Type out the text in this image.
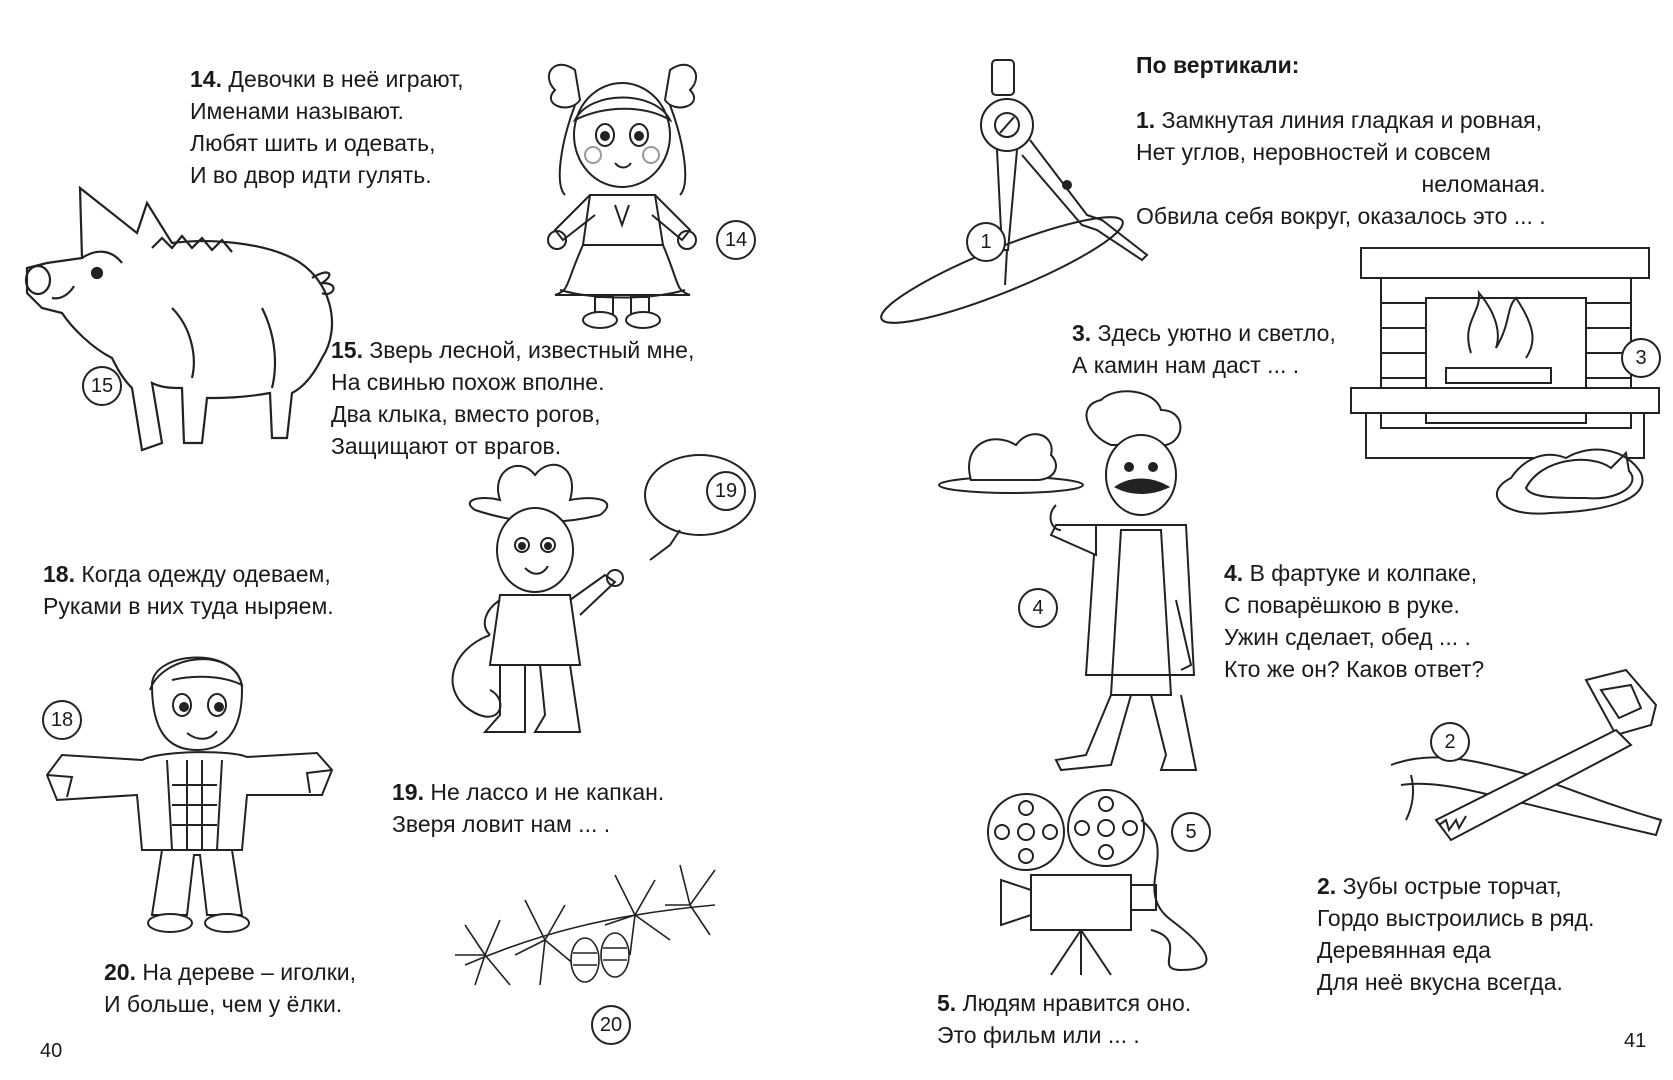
14. Девочки в неё играют,
Именами называют.
Любят шить и одевать,
И во двор идти гулять.
14
15
15. Зверь лесной, известный мне,
На свинью похож вполне.
Два клыка, вместо рогов,
Защищают от врагов.
19
18. Когда одежду одеваем,
Руками в них туда ныряем.
18
19. Не лассо и не капкан.
Зверя ловит нам ... .
20
20. На дереве – иголки,
И больше, чем у ёлки.
40
По вертикали:
1. Замкнутая линия гладкая и ровная,
Нет углов, неровностей и совсем
неломаная.
Обвила себя вокруг, оказалось это ... .
1
3. Здесь уютно и светло,
А камин нам даст ... .	3
4
4. В фартуке и колпаке,
С поварёшкою в руке.
Ужин сделает, обед ... .
Кто же он? Каков ответ?
2
5
2. Зубы острые торчат,
Гордо выстроились в ряд.
Деревянная еда
Для неё вкусна всегда.
5. Людям нравится оно.
Это фильм или ... .	41
